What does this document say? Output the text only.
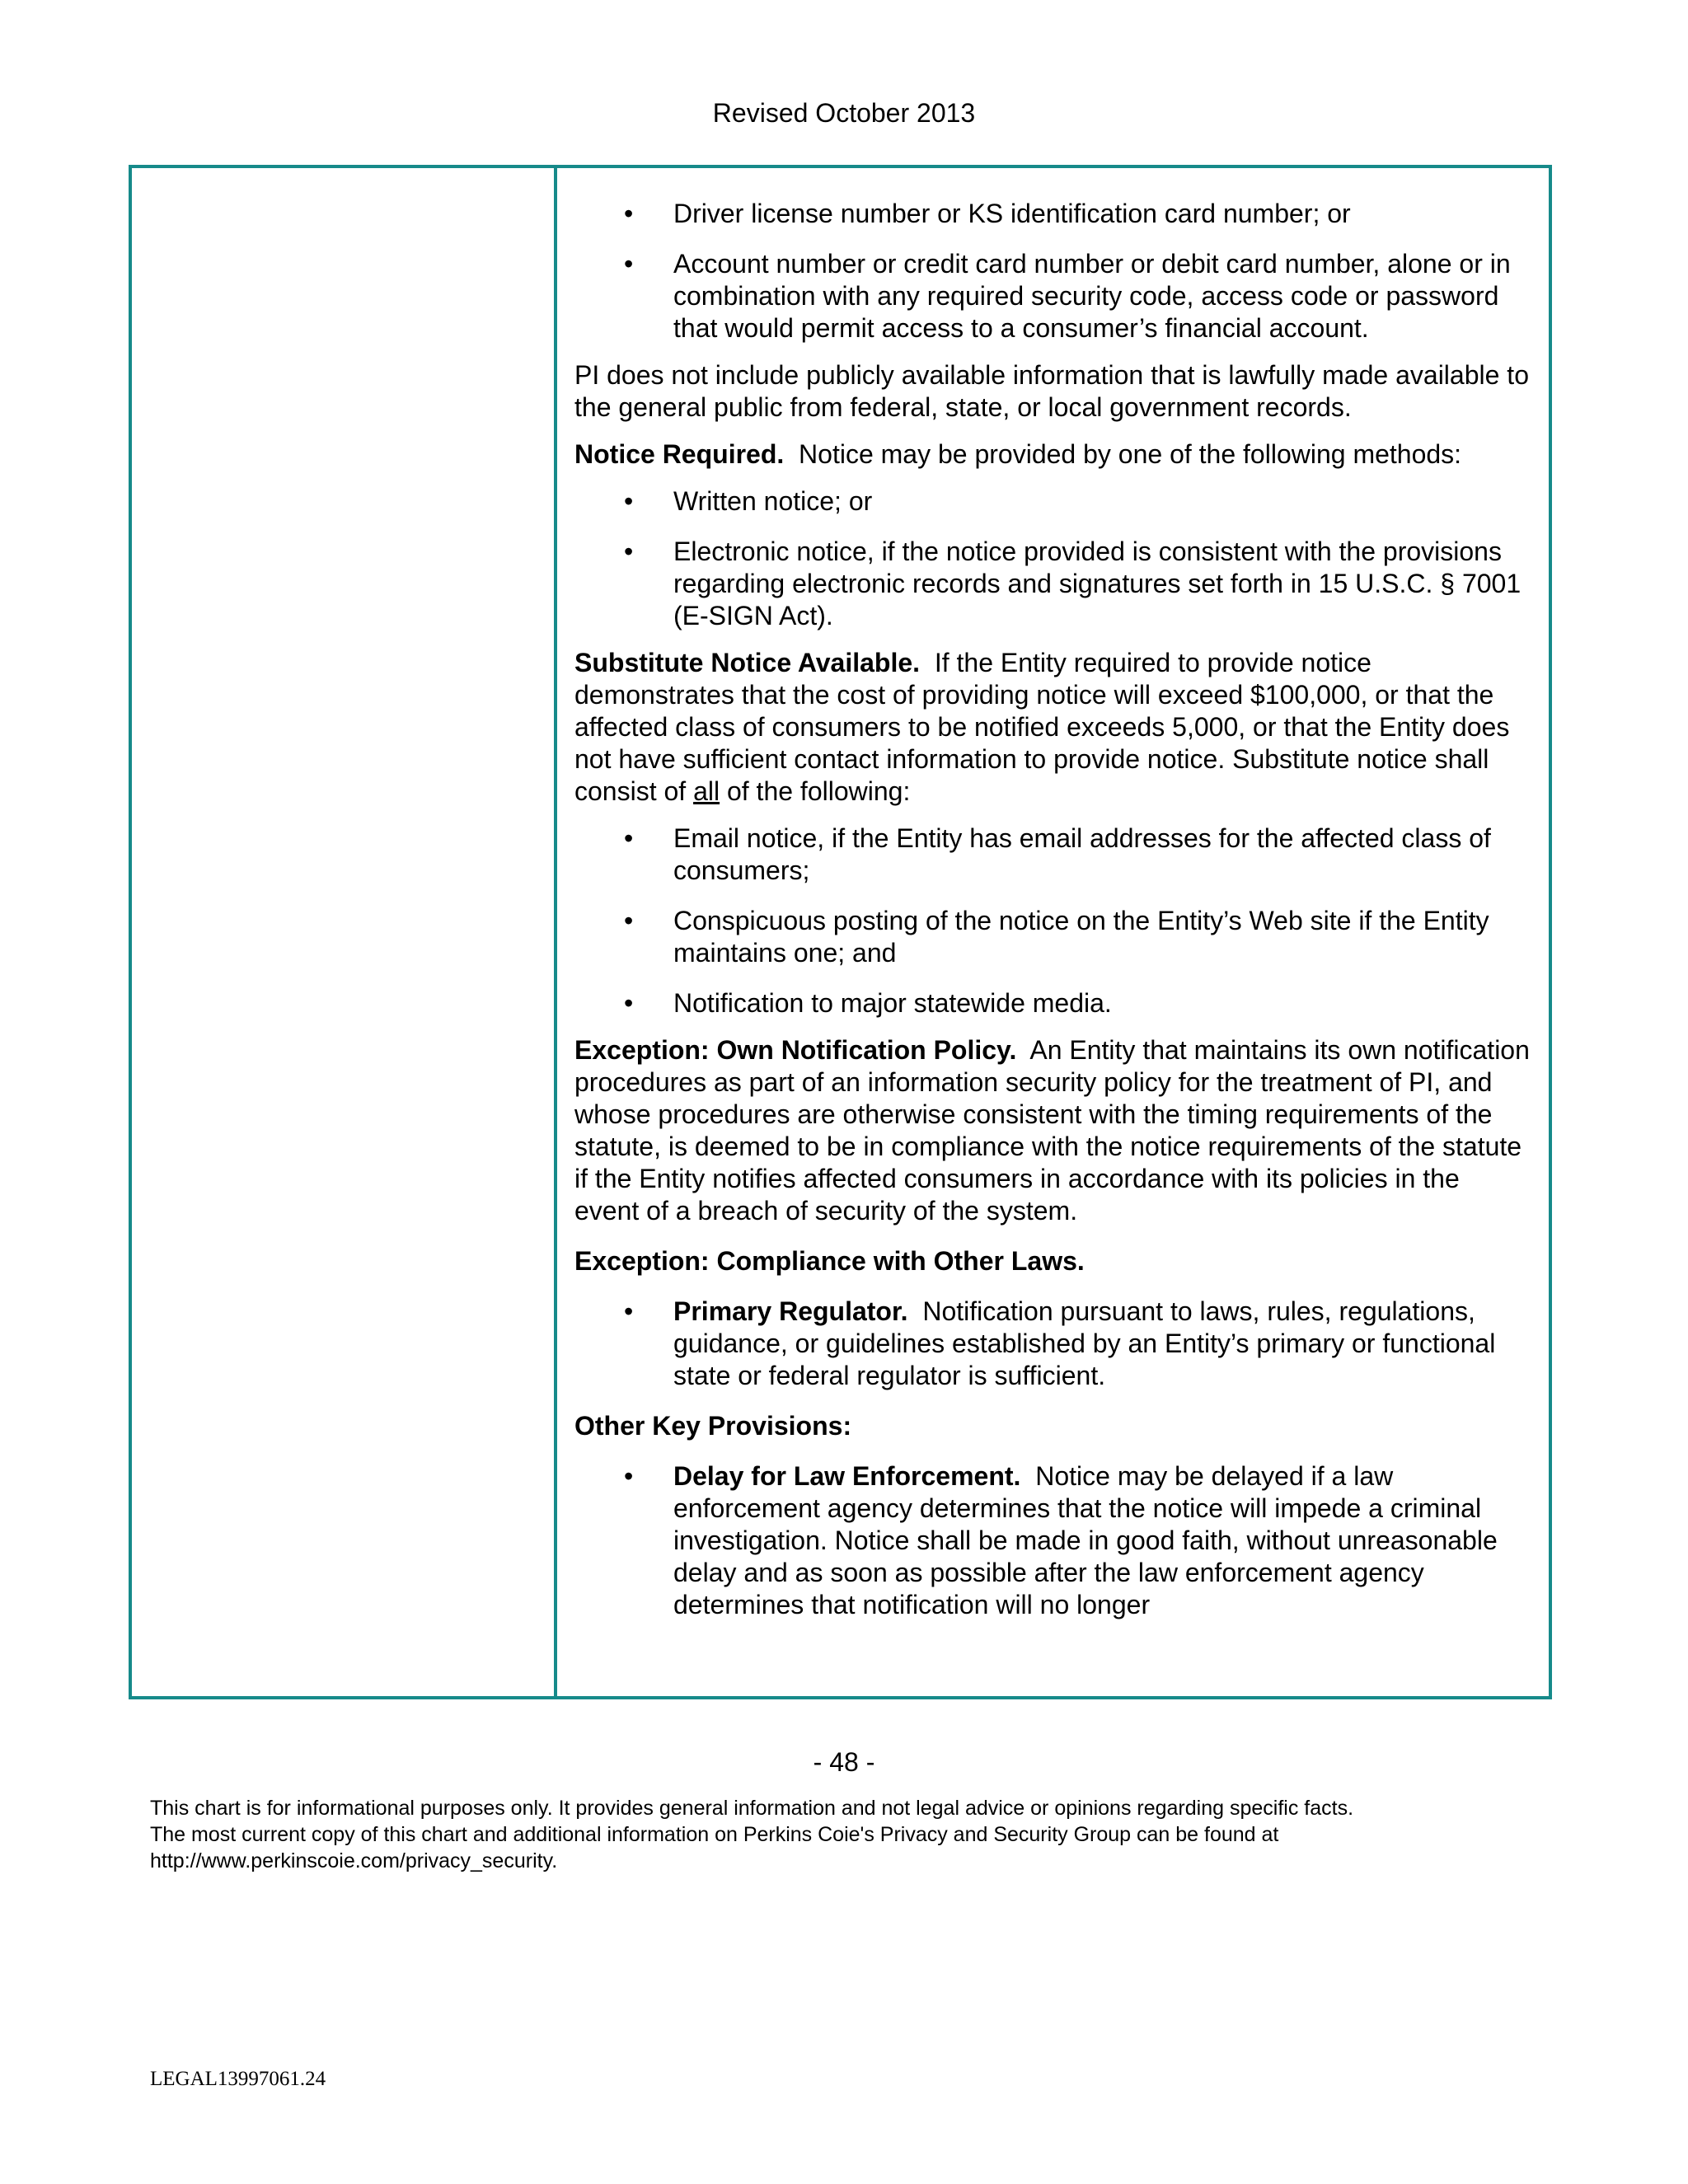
Revised October 2013
• Driver license number or KS identification card number; or
• Account number or credit card number or debit card number, alone or in combination with any required security code, access code or password that would permit access to a consumer’s financial account.

PI does not include publicly available information that is lawfully made available to the general public from federal, state, or local government records.

Notice Required. Notice may be provided by one of the following methods:

• Written notice; or
• Electronic notice, if the notice provided is consistent with the provisions regarding electronic records and signatures set forth in 15 U.S.C. § 7001 (E-SIGN Act).

Substitute Notice Available. If the Entity required to provide notice demonstrates that the cost of providing notice will exceed $100,000, or that the affected class of consumers to be notified exceeds 5,000, or that the Entity does not have sufficient contact information to provide notice. Substitute notice shall consist of all of the following:

• Email notice, if the Entity has email addresses for the affected class of consumers;
• Conspicuous posting of the notice on the Entity’s Web site if the Entity maintains one; and
• Notification to major statewide media.

Exception: Own Notification Policy. An Entity that maintains its own notification procedures as part of an information security policy for the treatment of PI, and whose procedures are otherwise consistent with the timing requirements of the statute, is deemed to be in compliance with the notice requirements of the statute if the Entity notifies affected consumers in accordance with its policies in the event of a breach of security of the system.

Exception: Compliance with Other Laws.

• Primary Regulator. Notification pursuant to laws, rules, regulations, guidance, or guidelines established by an Entity’s primary or functional state or federal regulator is sufficient.

Other Key Provisions:

• Delay for Law Enforcement. Notice may be delayed if a law enforcement agency determines that the notice will impede a criminal investigation. Notice shall be made in good faith, without unreasonable delay and as soon as possible after the law enforcement agency determines that notification will no longer
- 48 -
This chart is for informational purposes only. It provides general information and not legal advice or opinions regarding specific facts.
The most current copy of this chart and additional information on Perkins Coie's Privacy and Security Group can be found at
http://www.perkinscoie.com/privacy_security.
LEGAL13997061.24
